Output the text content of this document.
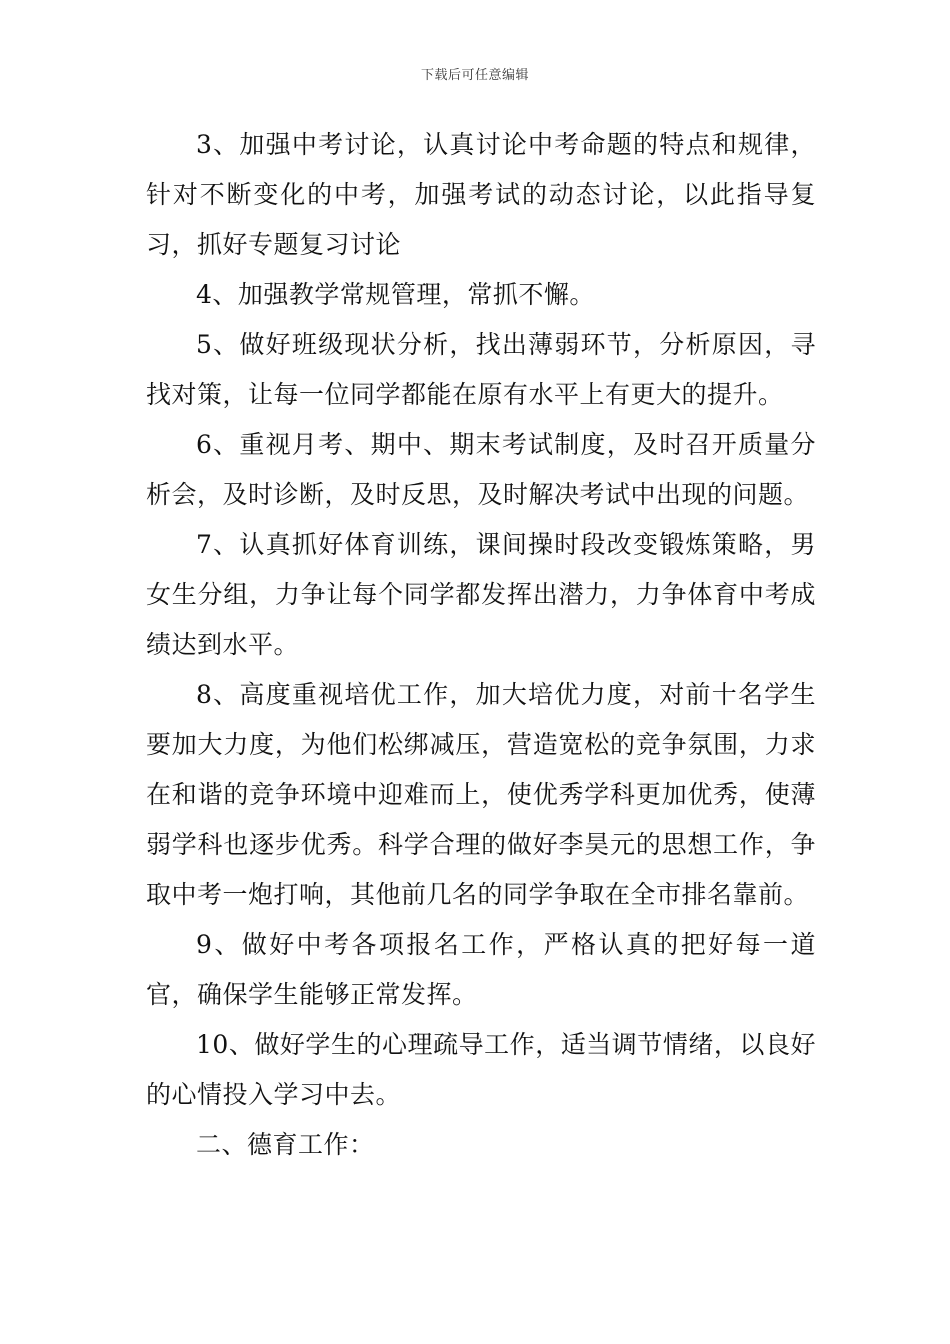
下载后可任意编辑

3、加强中考讨论，认真讨论中考命题的特点和规律，针对不断变化的中考，加强考试的动态讨论，以此指导复习，抓好专题复习讨论

4、加强教学常规管理，常抓不懈。

5、做好班级现状分析，找出薄弱环节，分析原因，寻找对策，让每一位同学都能在原有水平上有更大的提升。

6、重视月考、期中、期末考试制度，及时召开质量分析会，及时诊断，及时反思，及时解决考试中出现的问题。

7、认真抓好体育训练，课间操时段改变锻炼策略，男女生分组，力争让每个同学都发挥出潜力，力争体育中考成绩达到水平。

8、高度重视培优工作，加大培优力度，对前十名学生要加大力度，为他们松绑减压，营造宽松的竞争氛围，力求在和谐的竞争环境中迎难而上，使优秀学科更加优秀，使薄弱学科也逐步优秀。科学合理的做好李昊元的思想工作，争取中考一炮打响，其他前几名的同学争取在全市排名靠前。

9、做好中考各项报名工作，严格认真的把好每一道官，确保学生能够正常发挥。

10、做好学生的心理疏导工作，适当调节情绪，以良好的心情投入学习中去。

二、德育工作：
